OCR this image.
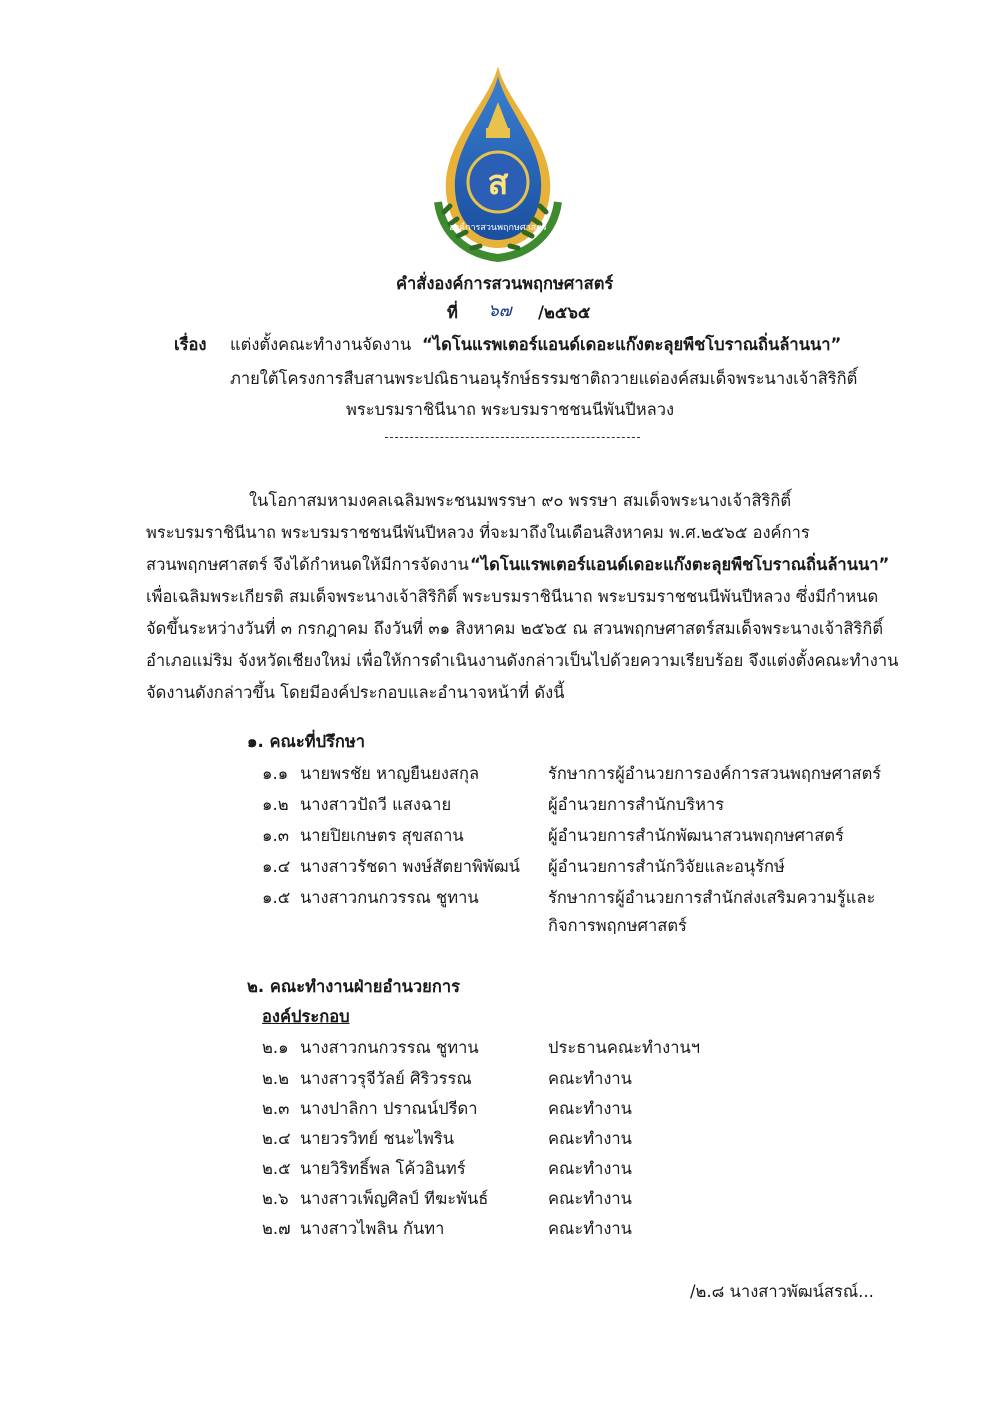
ส
องค์การสวนพฤกษศาสตร์
คำสั่งองค์การสวนพฤกษศาสตร์
ที่ ๖๗ /๒๕๖๕
เรื่อง แต่งตั้งคณะทำงานจัดงาน “ไดโนแรพเตอร์แอนด์เดอะแก๊งตะลุยพืชโบราณถิ่นล้านนา”
ภายใต้โครงการสืบสานพระปณิธานอนุรักษ์ธรรมชาติถวายแด่องค์สมเด็จพระนางเจ้าสิริกิติ์
พระบรมราชินีนาถ พระบรมราชชนนีพันปีหลวง
ในโอกาสมหามงคลเฉลิมพระชนมพรรษา ๙๐ พรรษา สมเด็จพระนางเจ้าสิริกิติ์
พระบรมราชินีนาถ พระบรมราชชนนีพันปีหลวง ที่จะมาถึงในเดือนสิงหาคม พ.ศ.๒๕๖๕ องค์การ
สวนพฤกษศาสตร์ จึงได้กำหนดให้มีการจัดงาน “ไดโนแรพเตอร์แอนด์เดอะแก๊งตะลุยพืชโบราณถิ่นล้านนา”
เพื่อเฉลิมพระเกียรติ สมเด็จพระนางเจ้าสิริกิติ์ พระบรมราชินีนาถ พระบรมราชชนนีพันปีหลวง ซึ่งมีกำหนด
จัดขึ้นระหว่างวันที่ ๓ กรกฎาคม ถึงวันที่ ๓๑ สิงหาคม ๒๕๖๕ ณ สวนพฤกษศาสตร์สมเด็จพระนางเจ้าสิริกิติ์
อำเภอแม่ริม จังหวัดเชียงใหม่ เพื่อให้การดำเนินงานดังกล่าวเป็นไปด้วยความเรียบร้อย จึงแต่งตั้งคณะทำงาน
จัดงานดังกล่าวขึ้น โดยมีองค์ประกอบและอำนาจหน้าที่ ดังนี้
๑. คณะที่ปรึกษา
๑.๑ นายพรชัย หาญยืนยงสกุล	รักษาการผู้อำนวยการองค์การสวนพฤกษศาสตร์
๑.๒ นางสาวปัถวี แสงฉาย	ผู้อำนวยการสำนักบริหาร
๑.๓ นายปิยเกษตร สุขสถาน	ผู้อำนวยการสำนักพัฒนาสวนพฤกษศาสตร์
๑.๔ นางสาวรัชดา พงษ์สัตยาพิพัฒน์ ผู้อำนวยการสำนักวิจัยและอนุรักษ์
๑.๕ นางสาวกนกวรรณ ชูทาน	รักษาการผู้อำนวยการสำนักส่งเสริมความรู้และ
กิจการพฤกษศาสตร์
๒. คณะทำงานฝ่ายอำนวยการ
องค์ประกอบ
๒.๑ นางสาวกนกวรรณ ชูทาน	ประธานคณะทำงานฯ
๒.๒ นางสาวรุจีวัลย์ ศิริวรรณ	คณะทำงาน
๒.๓ นางปาลิกา ปราณน์ปรีดา	คณะทำงาน
๒.๔ นายวรวิทย์ ชนะไพริน	คณะทำงาน
๒.๕ นายวิริทธิ์พล โค้วอินทร์	คณะทำงาน
๒.๖ นางสาวเพ็ญศิลป์ ทีฆะพันธ์	คณะทำงาน
๒.๗ นางสาวไพลิน กันทา	คณะทำงาน
/๒.๘ นางสาวพัฒน์สรณ์...
